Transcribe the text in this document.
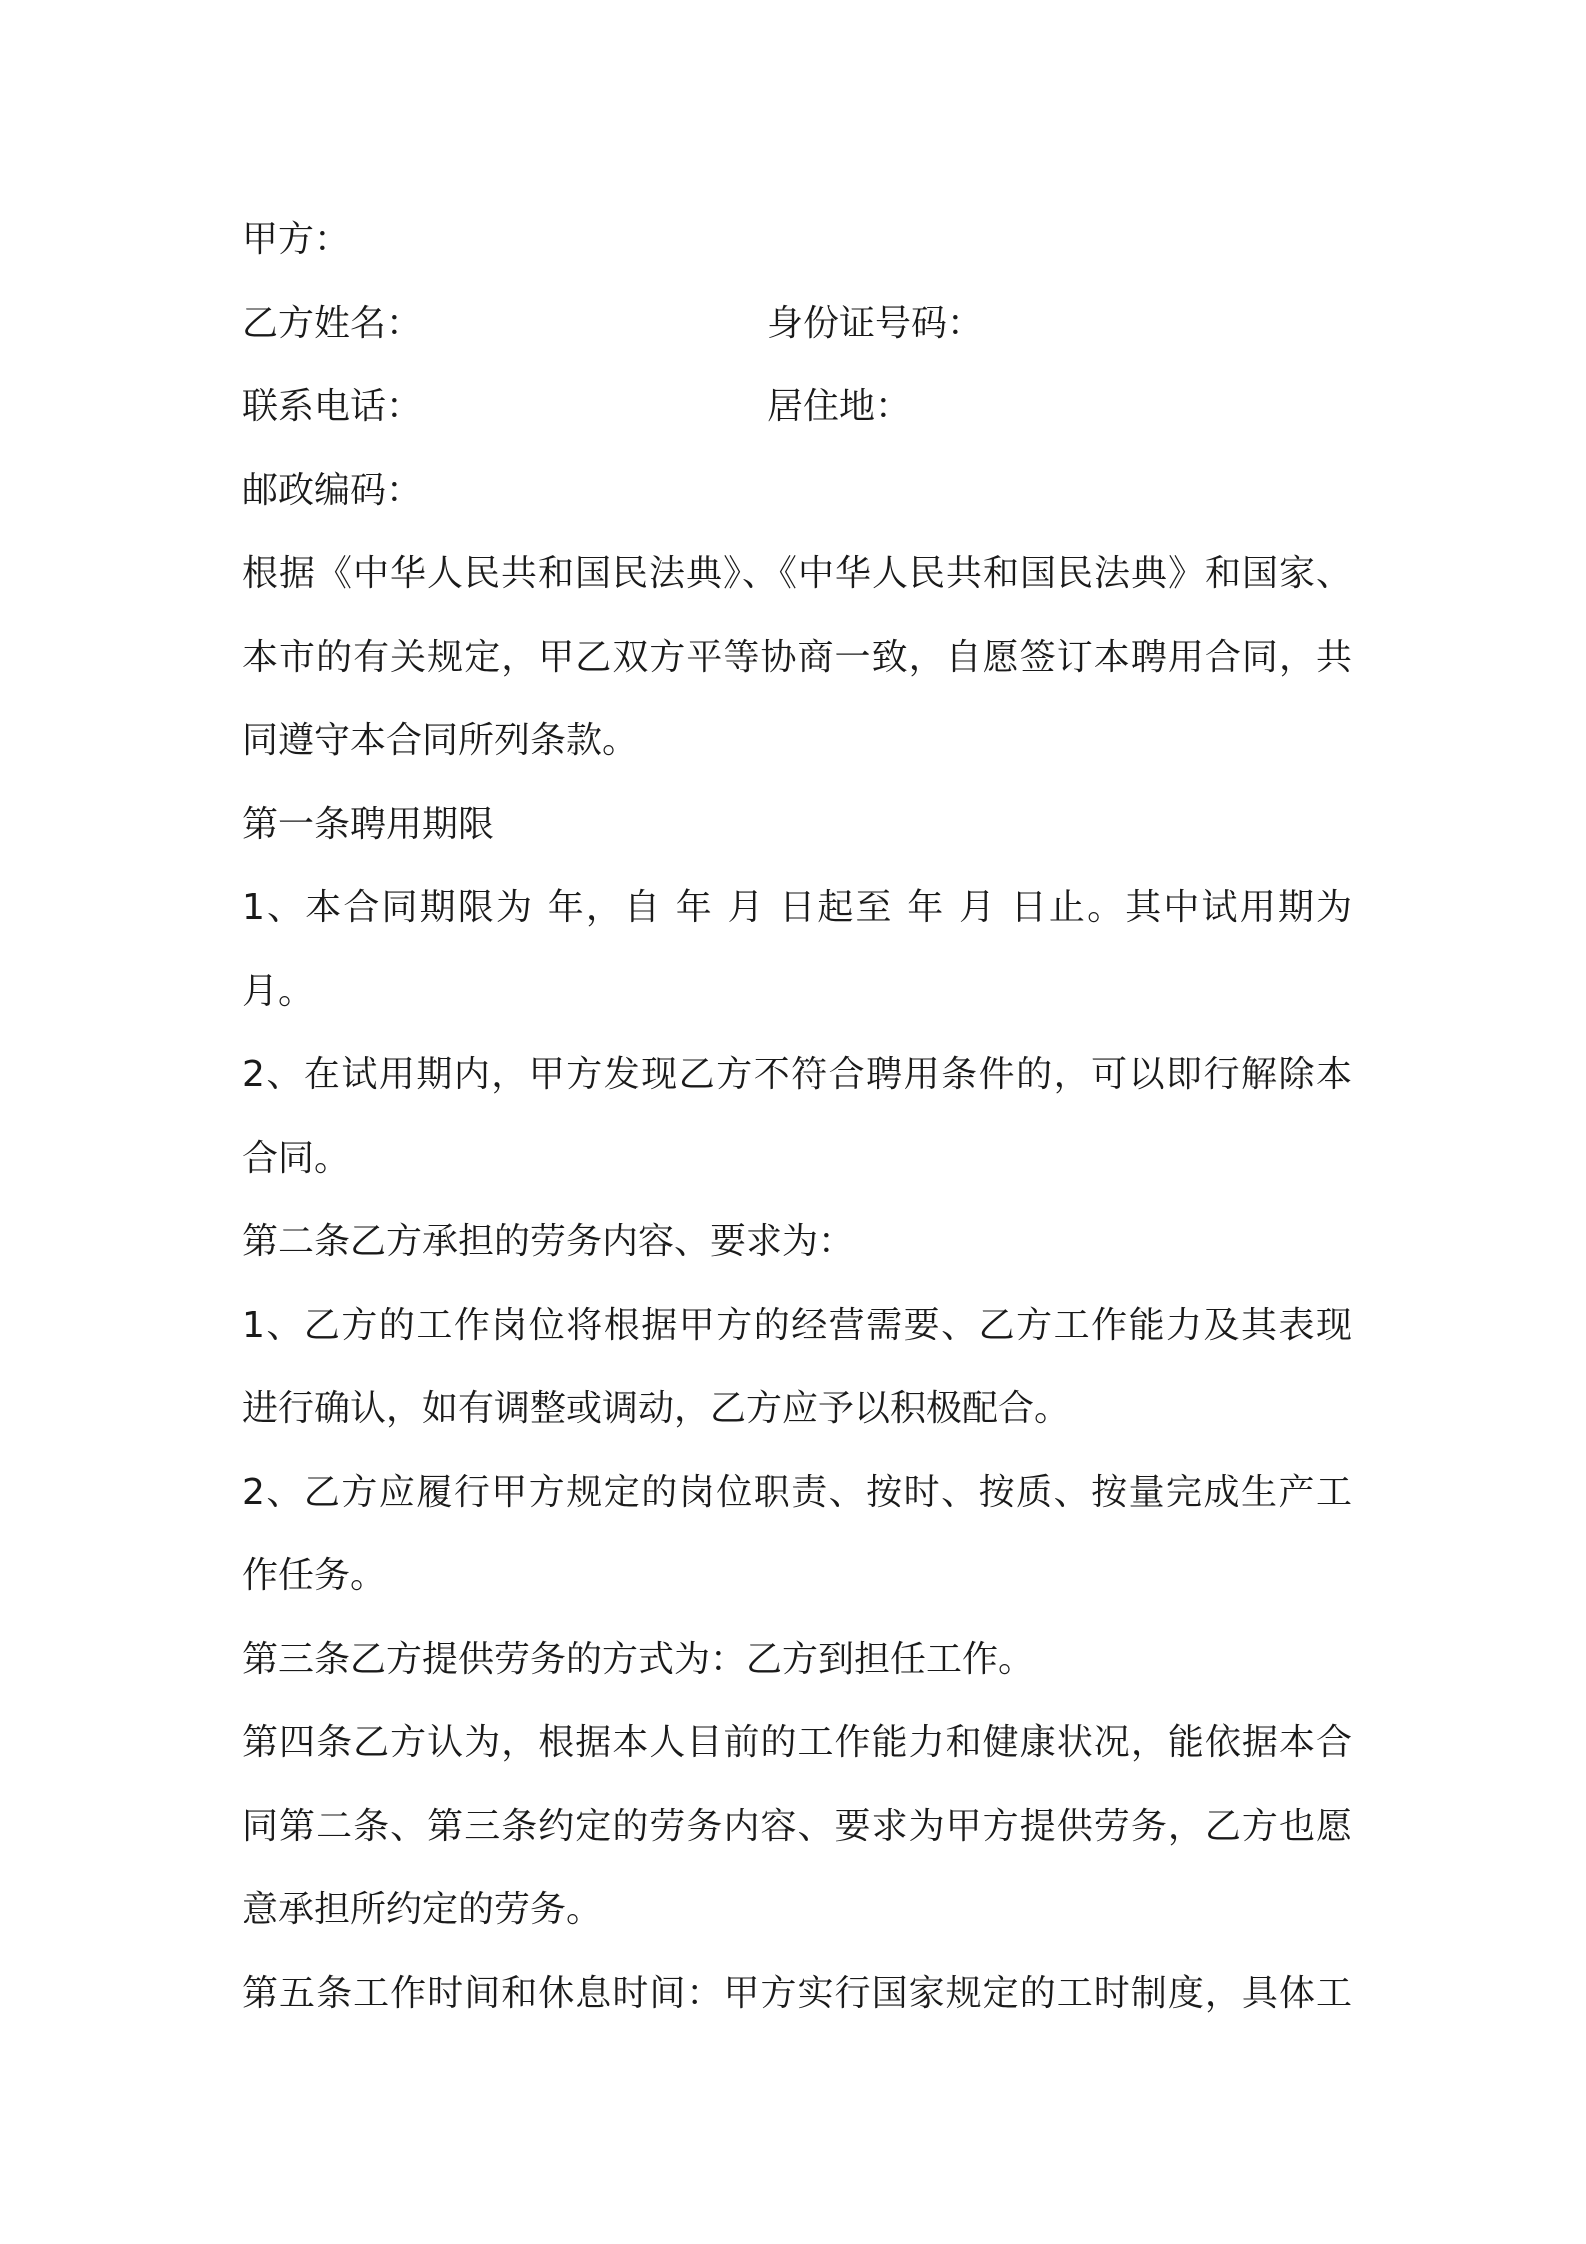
甲方：
乙方姓名：	身份证号码：
联系电话：	居住地：
邮政编码：
根据《中华人民共和国民法典》、《中华人民共和国民法典》和国家、
本市的有关规定，甲乙双方平等协商一致，自愿签订本聘用合同，共
同遵守本合同所列条款。
第一条聘用期限
1、本合同期限为 年，自 年 月 日起至 年 月 日止。其中试用期为
月。
2、在试用期内，甲方发现乙方不符合聘用条件的，可以即行解除本
合同。
第二条乙方承担的劳务内容、要求为：
1、乙方的工作岗位将根据甲方的经营需要、乙方工作能力及其表现
进行确认，如有调整或调动，乙方应予以积极配合。
2、乙方应履行甲方规定的岗位职责、按时、按质、按量完成生产工
作任务。
第三条乙方提供劳务的方式为：乙方到担任工作。
第四条乙方认为，根据本人目前的工作能力和健康状况，能依据本合
同第二条、第三条约定的劳务内容、要求为甲方提供劳务，乙方也愿
意承担所约定的劳务。
第五条工作时间和休息时间：甲方实行国家规定的工时制度，具体工
